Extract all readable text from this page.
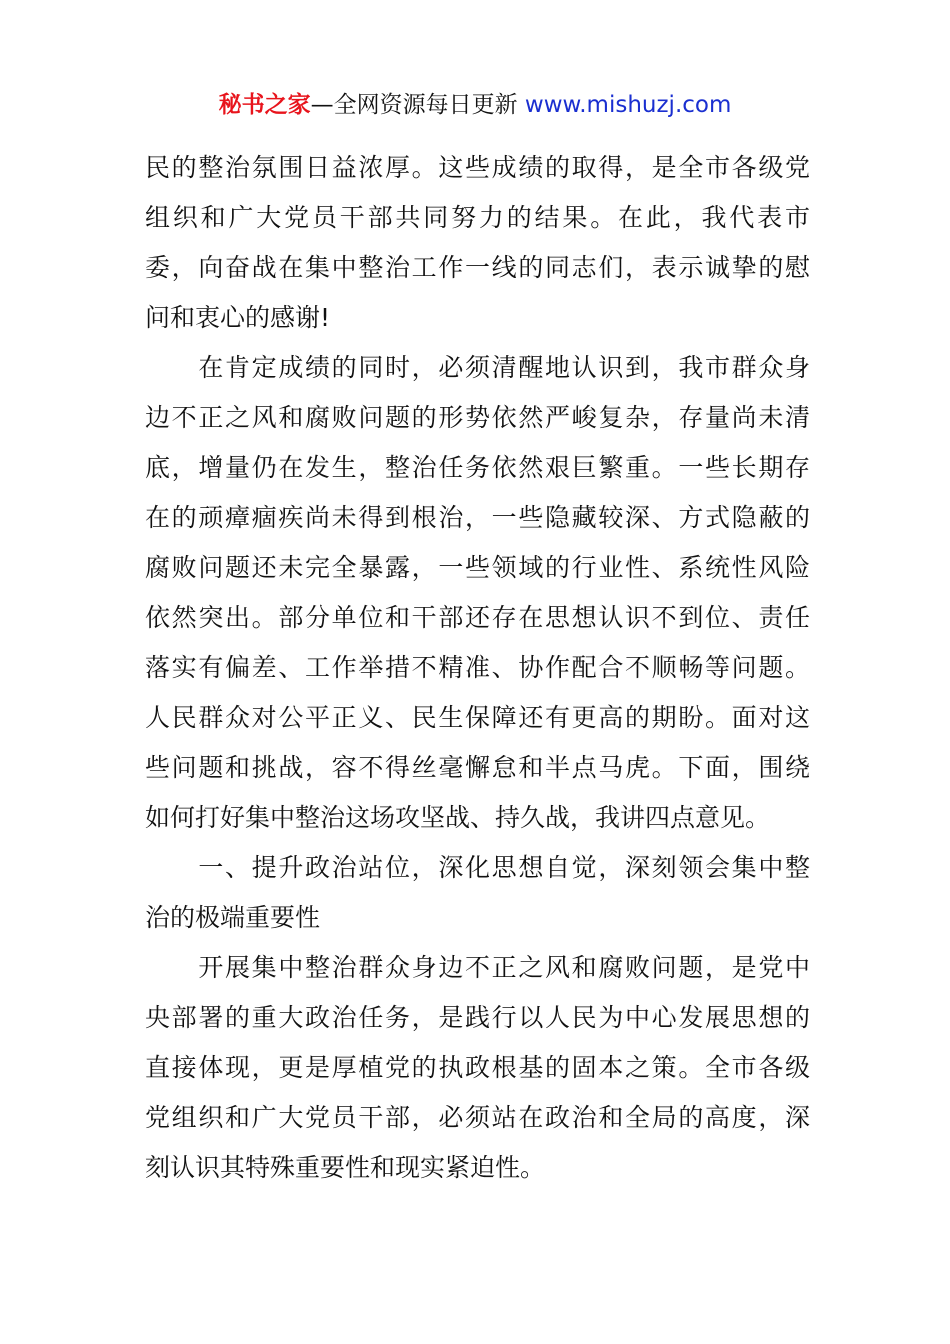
秘书之家—全网资源每日更新 www.mishuzj.com
民的整治氛围日益浓厚。这些成绩的取得，是全市各级党
组织和广大党员干部共同努力的结果。在此，我代表市
委，向奋战在集中整治工作一线的同志们，表示诚挚的慰
问和衷心的感谢!
　　在肯定成绩的同时，必须清醒地认识到，我市群众身
边不正之风和腐败问题的形势依然严峻复杂，存量尚未清
底，增量仍在发生，整治任务依然艰巨繁重。一些长期存
在的顽瘴痼疾尚未得到根治，一些隐藏较深、方式隐蔽的
腐败问题还未完全暴露，一些领域的行业性、系统性风险
依然突出。部分单位和干部还存在思想认识不到位、责任
落实有偏差、工作举措不精准、协作配合不顺畅等问题。
人民群众对公平正义、民生保障还有更高的期盼。面对这
些问题和挑战，容不得丝毫懈怠和半点马虎。下面，围绕
如何打好集中整治这场攻坚战、持久战，我讲四点意见。
　　一、提升政治站位，深化思想自觉，深刻领会集中整
治的极端重要性
　　开展集中整治群众身边不正之风和腐败问题，是党中
央部署的重大政治任务，是践行以人民为中心发展思想的
直接体现，更是厚植党的执政根基的固本之策。全市各级
党组织和广大党员干部，必须站在政治和全局的高度，深
刻认识其特殊重要性和现实紧迫性。
